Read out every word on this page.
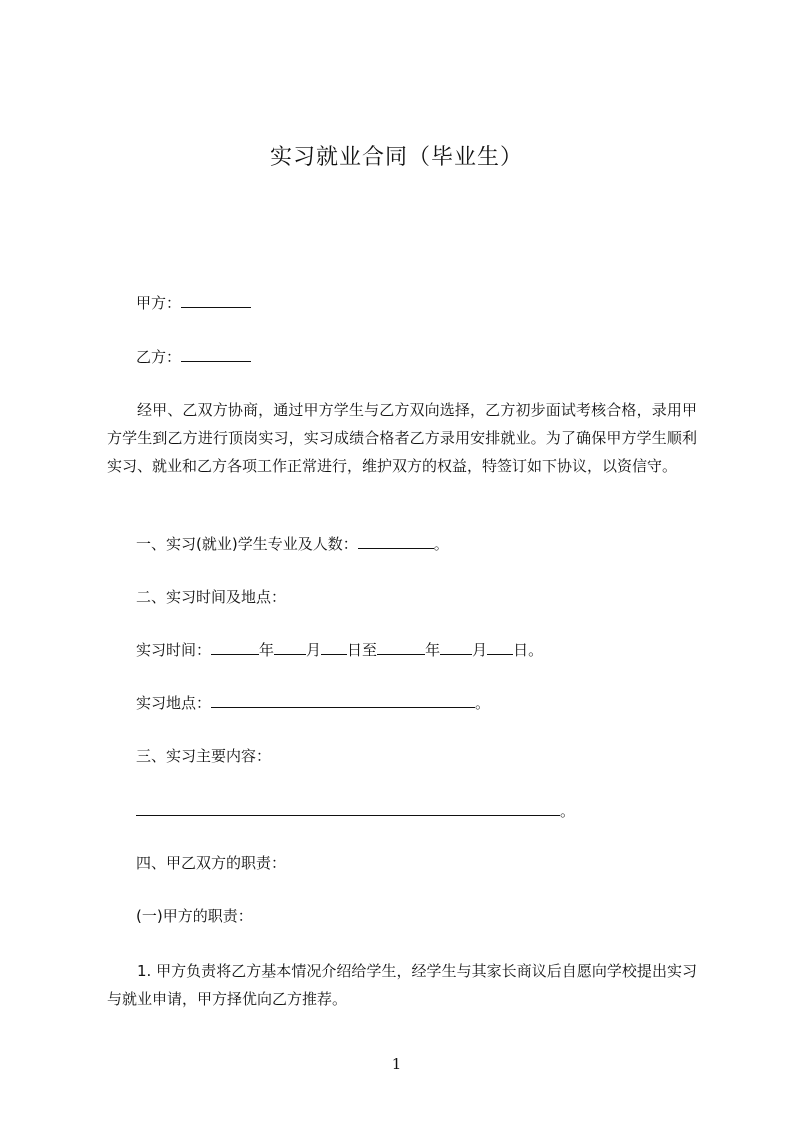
实习就业合同（毕业生）
甲方：
乙方：
经甲、乙双方协商，通过甲方学生与乙方双向选择，乙方初步面试考核合格，录用甲方学生到乙方进行顶岗实习，实习成绩合格者乙方录用安排就业。为了确保甲方学生顺利实习、就业和乙方各项工作正常进行，维护双方的权益，特签订如下协议，以资信守。
一、实习(就业)学生专业及人数：	。
二、实习时间及地点：
实习时间：	年 月 日至	年 月 日。
实习地点：	。
三、实习主要内容：
。
四、甲乙双方的职责：
(一)甲方的职责：
1. 甲方负责将乙方基本情况介绍给学生，经学生与其家长商议后自愿向学校提出实习与就业申请，甲方择优向乙方推荐。
1
